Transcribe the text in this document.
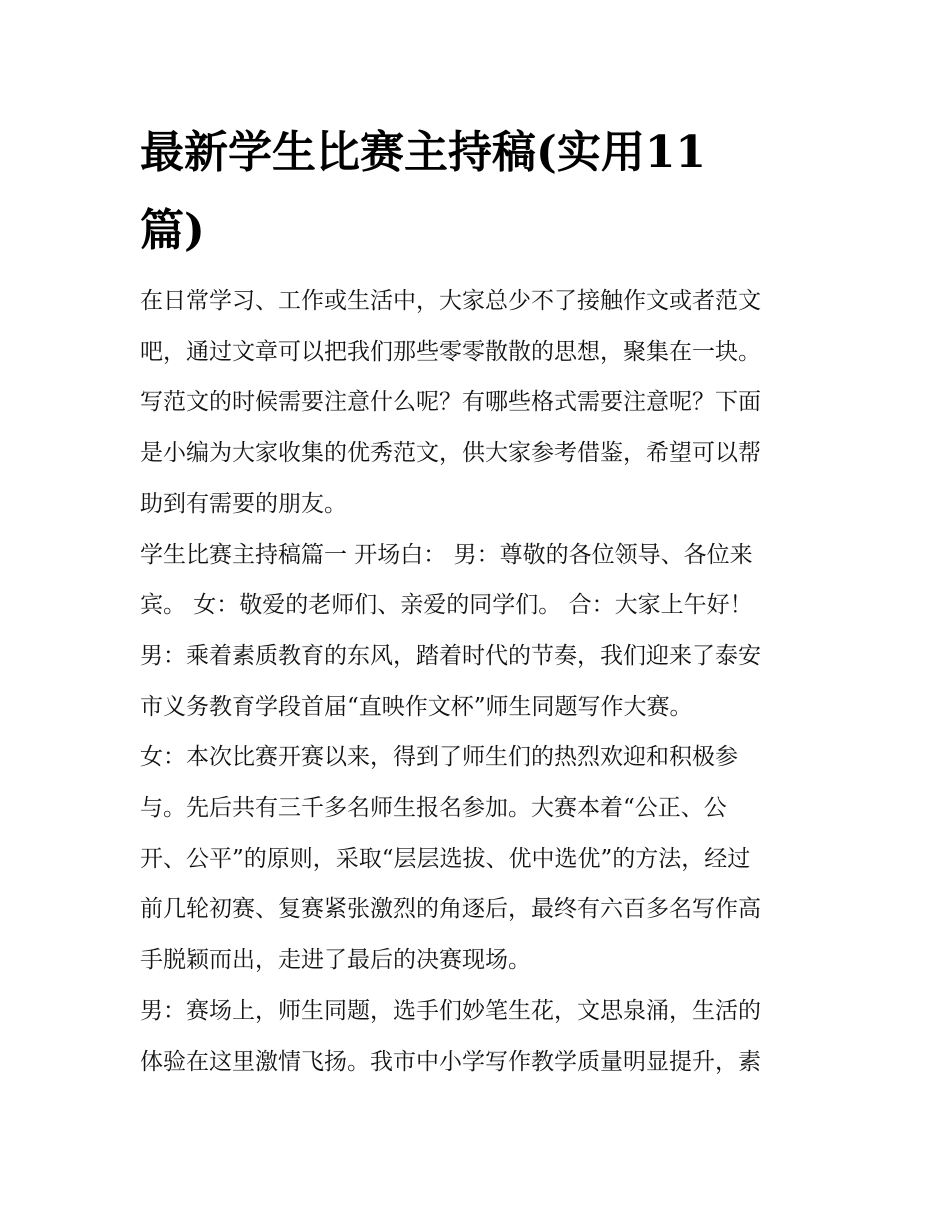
最新学生比赛主持稿(实用11
篇)

在日常学习、工作或生活中，大家总少不了接触作文或者范文
吧，通过文章可以把我们那些零零散散的思想，聚集在一块。
写范文的时候需要注意什么呢？有哪些格式需要注意呢？下面
是小编为大家收集的优秀范文，供大家参考借鉴，希望可以帮
助到有需要的朋友。

学生比赛主持稿篇一 开场白： 男：尊敬的各位领导、各位来
宾。 女：敬爱的老师们、亲爱的同学们。 合：大家上午好！
男：乘着素质教育的东风，踏着时代的节奏，我们迎来了泰安
市义务教育学段首届“直映作文杯”师生同题写作大赛。

女：本次比赛开赛以来，得到了师生们的热烈欢迎和积极参
与。先后共有三千多名师生报名参加。大赛本着“公正、公
开、公平”的原则，采取“层层选拔、优中选优”的方法，经过
前几轮初赛、复赛紧张激烈的角逐后，最终有六百多名写作高
手脱颖而出，走进了最后的决赛现场。

男：赛场上，师生同题，选手们妙笔生花，文思泉涌，生活的
体验在这里激情飞扬。我市中小学写作教学质量明显提升，素
